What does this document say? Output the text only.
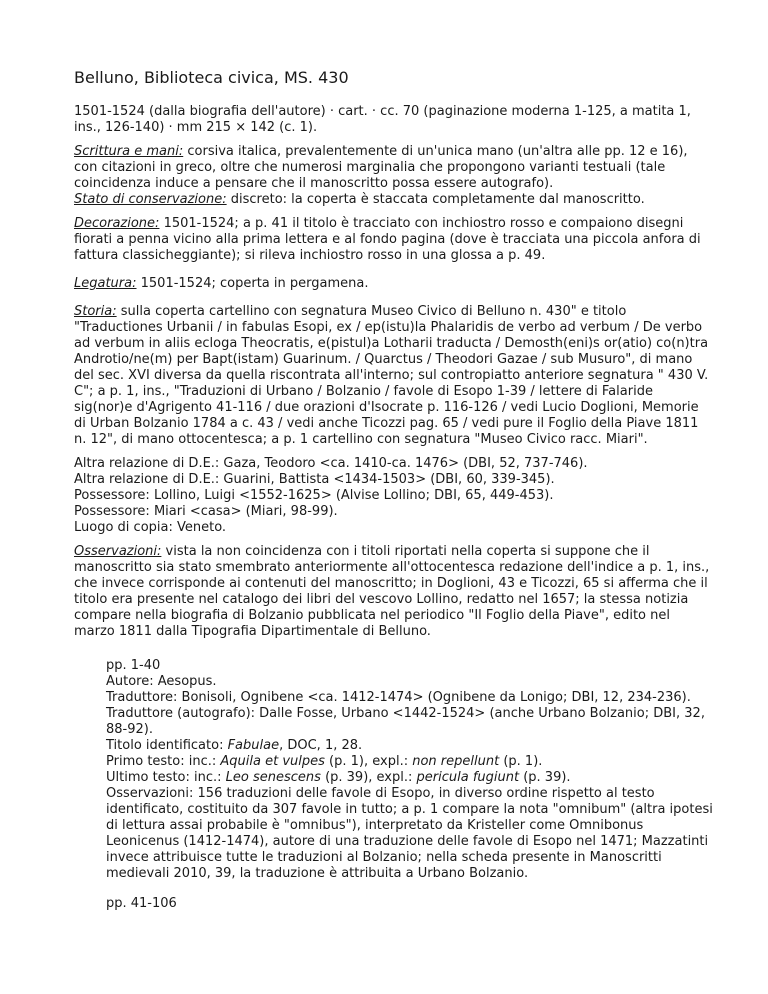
Belluno, Biblioteca civica, MS. 430

1501-1524 (dalla biografia dell'autore) · cart. · cc. 70 (paginazione moderna 1-125, a matita 1, ins., 126-140) · mm 215 × 142 (c. 1).

Scrittura e mani: corsiva italica, prevalentemente di un'unica mano (un'altra alle pp. 12 e 16), con citazioni in greco, oltre che numerosi marginalia che propongono varianti testuali (tale coincidenza induce a pensare che il manoscritto possa essere autografo).
Stato di conservazione: discreto: la coperta è staccata completamente dal manoscritto.

Decorazione: 1501-1524; a p. 41 il titolo è tracciato con inchiostro rosso e compaiono disegni fiorati a penna vicino alla prima lettera e al fondo pagina (dove è tracciata una piccola anfora di fattura classicheggiante); si rileva inchiostro rosso in una glossa a p. 49.

Legatura: 1501-1524; coperta in pergamena.

Storia: sulla coperta cartellino con segnatura Museo Civico di Belluno n. 430" e titolo "Traductiones Urbanii / in fabulas Esopi, ex / ep(istu)la Phalaridis de verbo ad verbum / De verbo ad verbum in aliis ecloga Theocratis, e(pistul)a Lotharii traducta / Demosth(eni)s or(atio) co(n)tra Androtio/ne(m) per Bapt(istam) Guarinum. / Quarctus / Theodori Gazae / sub Musuro", di mano del sec. XVI diversa da quella riscontrata all'interno; sul contropiatto anteriore segnatura " 430 V. C"; a p. 1, ins., "Traduzioni di Urbano / Bolzanio / favole di Esopo 1-39 / lettere di Falaride sig(nor)e d'Agrigento 41-116 / due orazioni d'Isocrate p. 116-126 / vedi Lucio Doglioni, Memorie di Urban Bolzanio 1784 a c. 43 / vedi anche Ticozzi pag. 65 / vedi pure il Foglio della Piave 1811 n. 12", di mano ottocentesca; a p. 1 cartellino con segnatura "Museo Civico racc. Miari".

Altra relazione di D.E.: Gaza, Teodoro <ca. 1410-ca. 1476> (DBI, 52, 737-746).
Altra relazione di D.E.: Guarini, Battista <1434-1503> (DBI, 60, 339-345).
Possessore: Lollino, Luigi <1552-1625> (Alvise Lollino; DBI, 65, 449-453).
Possessore: Miari <casa> (Miari, 98-99).
Luogo di copia: Veneto.

Osservazioni: vista la non coincidenza con i titoli riportati nella coperta si suppone che il manoscritto sia stato smembrato anteriormente all'ottocentesca redazione dell'indice a p. 1, ins., che invece corrisponde ai contenuti del manoscritto; in Doglioni, 43 e Ticozzi, 65 si afferma che il titolo era presente nel catalogo dei libri del vescovo Lollino, redatto nel 1657; la stessa notizia compare nella biografia di Bolzanio pubblicata nel periodico "Il Foglio della Piave", edito nel marzo 1811 dalla Tipografia Dipartimentale di Belluno.

pp. 1-40
Autore: Aesopus.
Traduttore: Bonisoli, Ognibene <ca. 1412-1474> (Ognibene da Lonigo; DBI, 12, 234-236).
Traduttore (autografo): Dalle Fosse, Urbano <1442-1524> (anche Urbano Bolzanio; DBI, 32, 88-92).
Titolo identificato: Fabulae, DOC, 1, 28.
Primo testo: inc.: Aquila et vulpes (p. 1), expl.: non repellunt (p. 1).
Ultimo testo: inc.: Leo senescens (p. 39), expl.: pericula fugiunt (p. 39).
Osservazioni: 156 traduzioni delle favole di Esopo, in diverso ordine rispetto al testo identificato, costituito da 307 favole in tutto; a p. 1 compare la nota "omnibum" (altra ipotesi di lettura assai probabile è "omnibus"), interpretato da Kristeller come Omnibonus Leonicenus (1412-1474), autore di una traduzione delle favole di Esopo nel 1471; Mazzatinti invece attribuisce tutte le traduzioni al Bolzanio; nella scheda presente in Manoscritti medievali 2010, 39, la traduzione è attribuita a Urbano Bolzanio.

pp. 41-106
